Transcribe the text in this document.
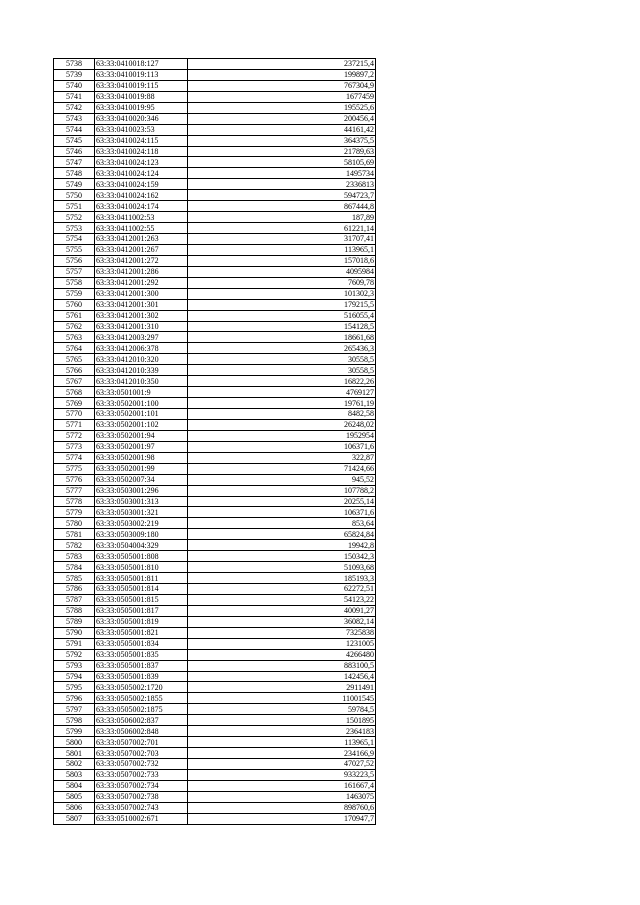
5738	63:33:0410018:127	237215,4
5739	63:33:0410019:113	199897,2
5740	63:33:0410019:115	767304,9
5741	63:33:0410019:88	1677459
5742	63:33:0410019:95	195525,6
5743	63:33:0410020:346	200456,4
5744	63:33:0410023:53	44161,42
5745	63:33:0410024:115	364375,5
5746	63:33:0410024:118	21789,63
5747	63:33:0410024:123	58105,69
5748	63:33:0410024:124	1495734
5749	63:33:0410024:159	2336813
5750	63:33:0410024:162	594723,7
5751	63:33:0410024:174	867444,8
5752	63:33:0411002:53	187,89
5753	63:33:0411002:55	61221,14
5754	63:33:0412001:263	31707,41
5755	63:33:0412001:267	113965,1
5756	63:33:0412001:272	157018,6
5757	63:33:0412001:286	4095984
5758	63:33:0412001:292	7609,78
5759	63:33:0412001:300	101302,3
5760	63:33:0412001:301	179215,5
5761	63:33:0412001:302	516055,4
5762	63:33:0412001:310	154128,5
5763	63:33:0412003:297	18661,68
5764	63:33:0412006:378	265436,3
5765	63:33:0412010:320	30558,5
5766	63:33:0412010:339	30558,5
5767	63:33:0412010:350	16822,26
5768	63:33:0501001:9	4769127
5769	63:33:0502001:100	19761,19
5770	63:33:0502001:101	8482,58
5771	63:33:0502001:102	26248,02
5772	63:33:0502001:94	1952954
5773	63:33:0502001:97	106371,6
5774	63:33:0502001:98	322,87
5775	63:33:0502001:99	71424,66
5776	63:33:0502007:34	945,52
5777	63:33:0503001:296	107788,2
5778	63:33:0503001:313	20255,14
5779	63:33:0503001:321	106371,6
5780	63:33:0503002:219	853,64
5781	63:33:0503009:180	65824,84
5782	63:33:0504004:329	19942,8
5783	63:33:0505001:808	150342,3
5784	63:33:0505001:810	51093,68
5785	63:33:0505001:811	185193,3
5786	63:33:0505001:814	62272,51
5787	63:33:0505001:815	54123,22
5788	63:33:0505001:817	40091,27
5789	63:33:0505001:819	36082,14
5790	63:33:0505001:821	7325838
5791	63:33:0505001:834	1231005
5792	63:33:0505001:835	4266480
5793	63:33:0505001:837	883100,5
5794	63:33:0505001:839	142456,4
5795	63:33:0505002:1720	2911491
5796	63:33:0505002:1855	11001545
5797	63:33:0505002:1875	59784,5
5798	63:33:0506002:837	1501895
5799	63:33:0506002:848	2364183
5800	63:33:0507002:701	113965,1
5801	63:33:0507002:703	234166,9
5802	63:33:0507002:732	47027,52
5803	63:33:0507002:733	933223,5
5804	63:33:0507002:734	161667,4
5805	63:33:0507002:738	1463075
5806	63:33:0507002:743	898760,6
5807	63:33:0510002:671	170947,7
